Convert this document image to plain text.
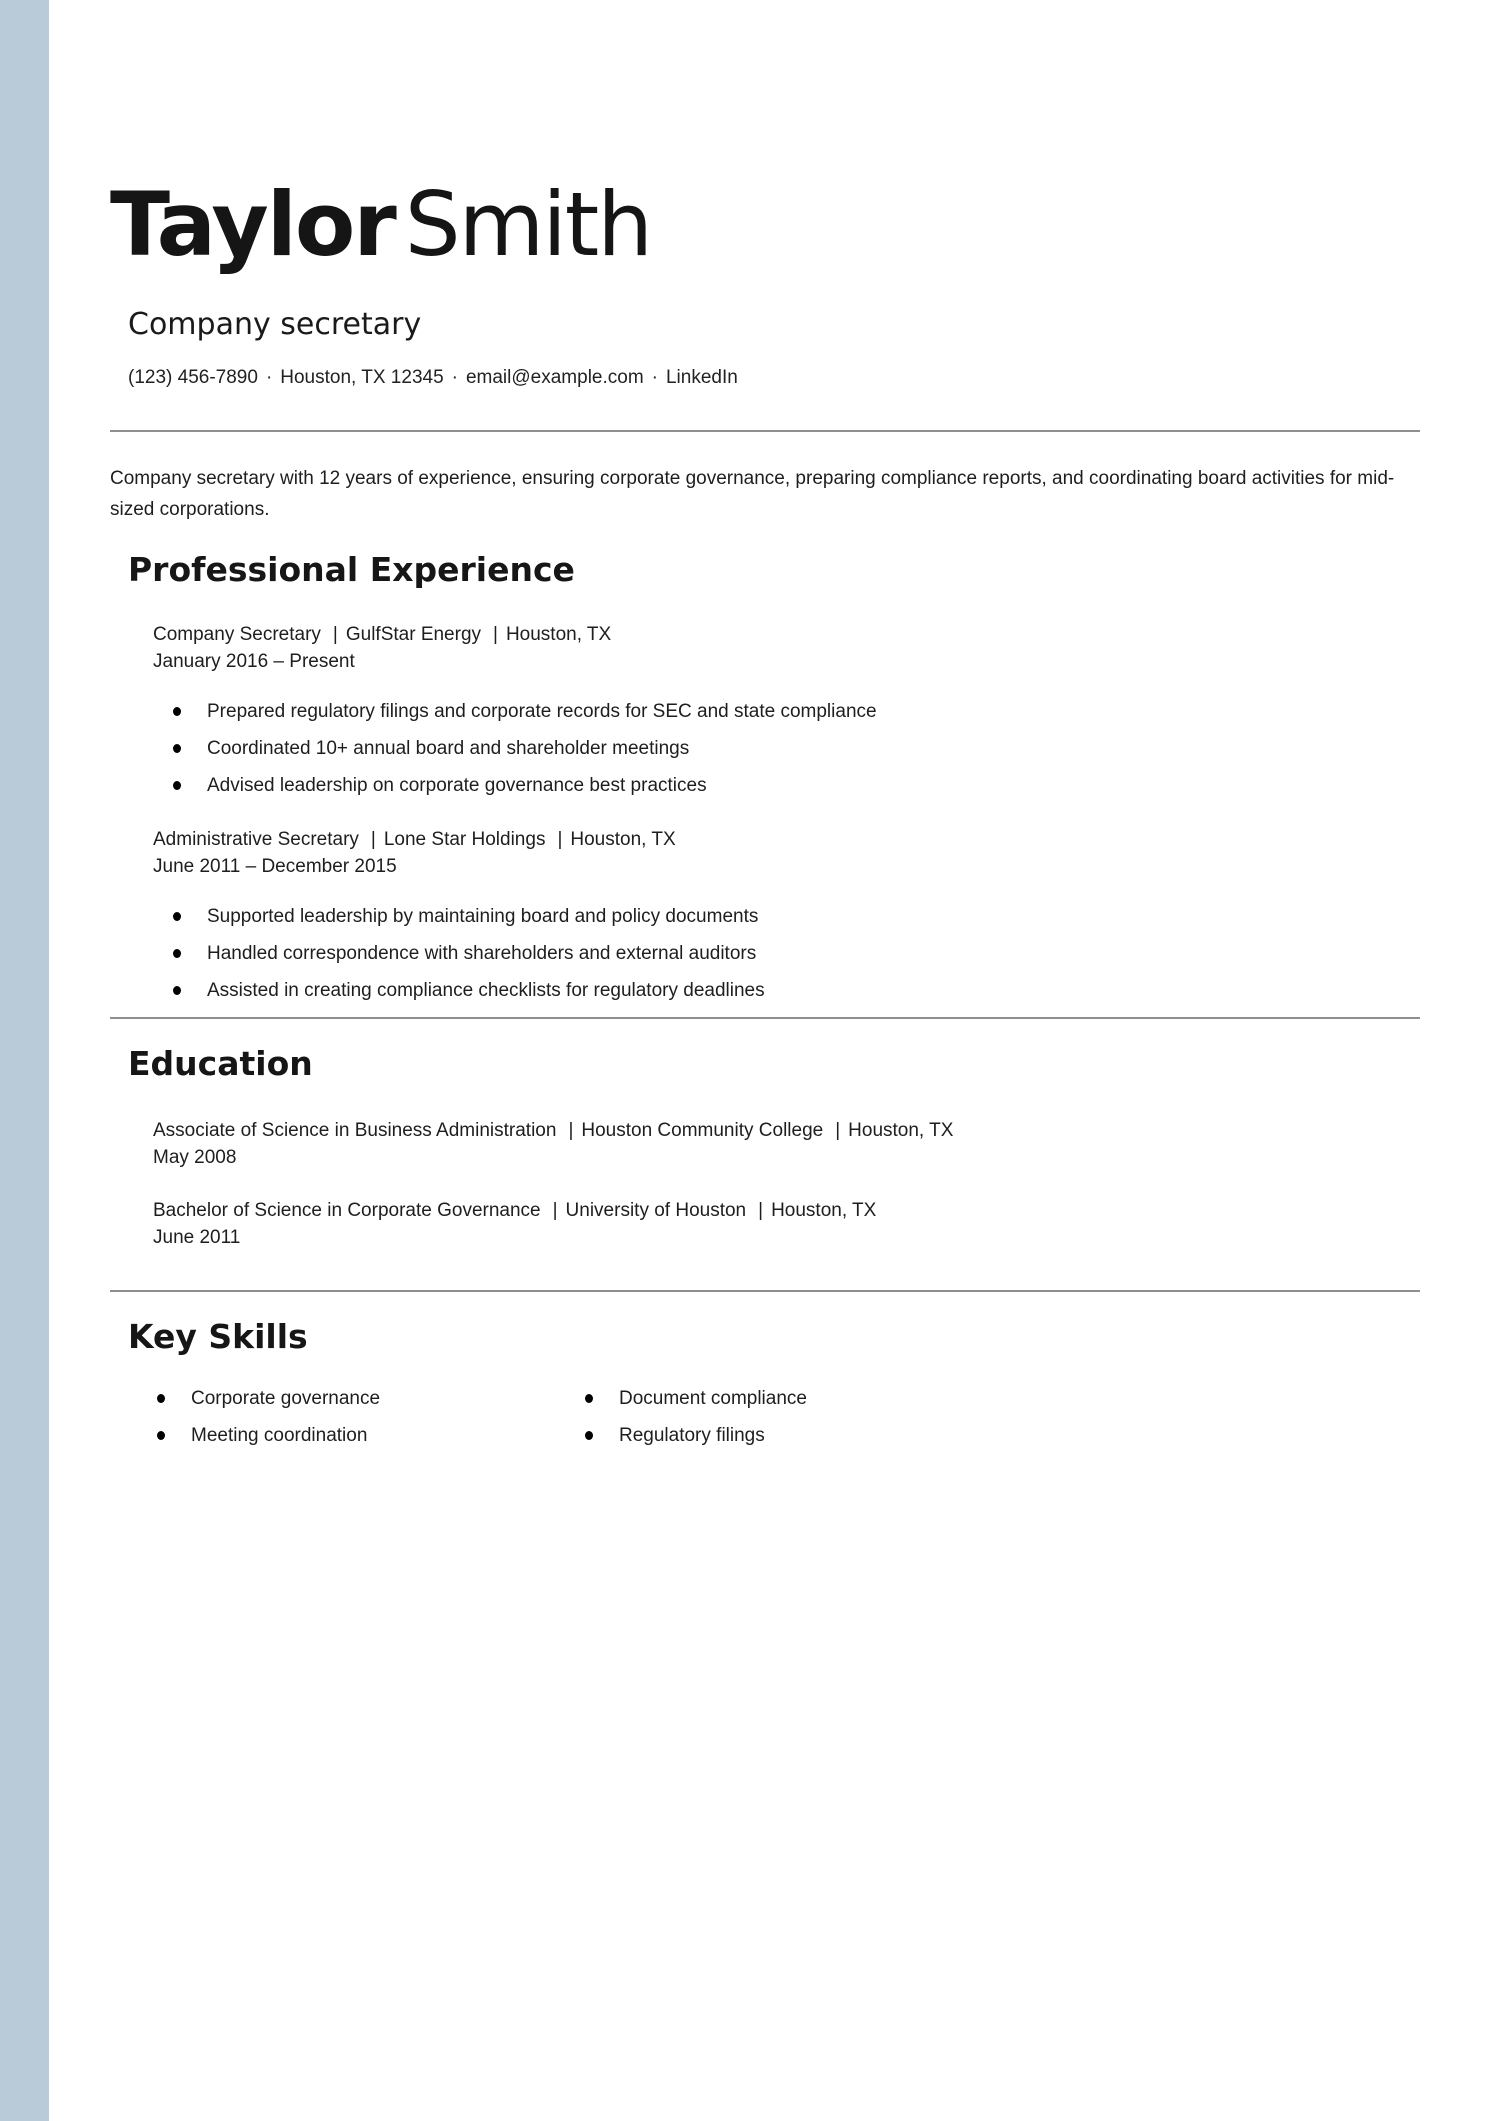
Taylor Smith
Company secretary
(123) 456-7890 · Houston, TX 12345 · email@example.com · LinkedIn

Company secretary with 12 years of experience, ensuring corporate governance, preparing compliance reports, and coordinating board activities for mid-sized corporations.

Professional Experience
Company Secretary | GulfStar Energy | Houston, TX
January 2016 – Present
Prepared regulatory filings and corporate records for SEC and state compliance
Coordinated 10+ annual board and shareholder meetings
Advised leadership on corporate governance best practices
Administrative Secretary | Lone Star Holdings | Houston, TX
June 2011 – December 2015
Supported leadership by maintaining board and policy documents
Handled correspondence with shareholders and external auditors
Assisted in creating compliance checklists for regulatory deadlines
Education
Associate of Science in Business Administration | Houston Community College | Houston, TX
May 2008
Bachelor of Science in Corporate Governance | University of Houston | Houston, TX
June 2011
Key Skills
Corporate governance
Meeting coordination
Document compliance
Regulatory filings
